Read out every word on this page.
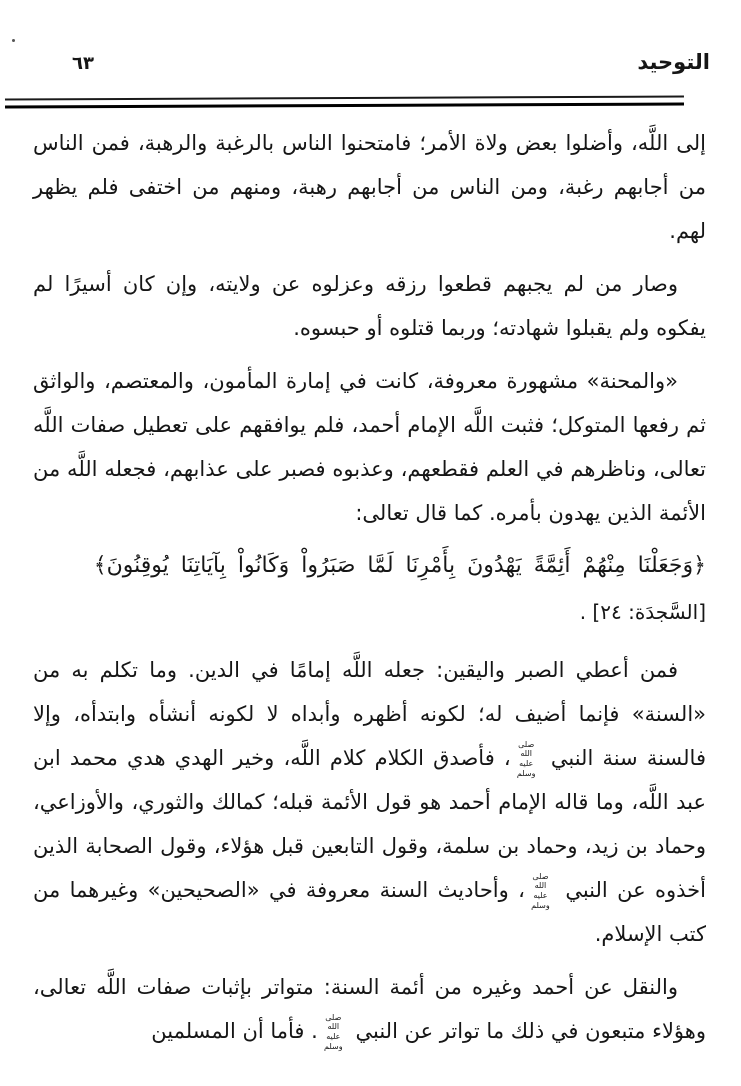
التوحيد
٦٣

إلى اللَّه، وأضلوا بعض ولاة الأمر؛ فامتحنوا الناس بالرغبة والرهبة، فمن الناس من أجابهم رغبة، ومن الناس من أجابهم رهبة، ومنهم من اختفى فلم يظهر لهم.

وصار من لم يجبهم قطعوا رزقه وعزلوه عن ولايته، وإن كان أسيرًا لم يفكوه ولم يقبلوا شهادته؛ وربما قتلوه أو حبسوه.

«والمحنة» مشهورة معروفة، كانت في إمارة المأمون، والمعتصم، والواثق ثم رفعها المتوكل؛ فثبت اللَّه الإمام أحمد، فلم يوافقهم على تعطيل صفات اللَّه تعالى، وناظرهم في العلم فقطعهم، وعذبوه فصبر على عذابهم، فجعله اللَّه من الأئمة الذين يهدون بأمره. كما قال تعالى:

﴿وَجَعَلْنَا مِنْهُمْ أَئِمَّةً يَهْدُونَ بِأَمْرِنَا لَمَّا صَبَرُواْ وَكَانُواْ بِآيَاتِنَا يُوقِنُونَ﴾

[السَّجدَة: ٢٤] .

فمن أعطي الصبر واليقين: جعله اللَّه إمامًا في الدين. وما تكلم به من «السنة» فإنما أضيف له؛ لكونه أظهره وأبداه لا لكونه أنشأه وابتدأه، وإلا فالسنة سنة النبي صلى الله عليه وسلم، فأصدق الكلام كلام اللَّه، وخير الهدي هدي محمد ابن عبد اللَّه، وما قاله الإمام أحمد هو قول الأئمة قبله؛ كمالك والثوري، والأوزاعي، وحماد بن زيد، وحماد بن سلمة، وقول التابعين قبل هؤلاء، وقول الصحابة الذين أخذوه عن النبي صلى الله عليه وسلم، وأحاديث السنة معروفة في «الصحيحين» وغيرهما من كتب الإسلام.

والنقل عن أحمد وغيره من أئمة السنة: متواتر بإثبات صفات اللَّه تعالى، وهؤلاء متبعون في ذلك ما تواتر عن النبي صلى الله عليه وسلم. فأما أن المسلمين
